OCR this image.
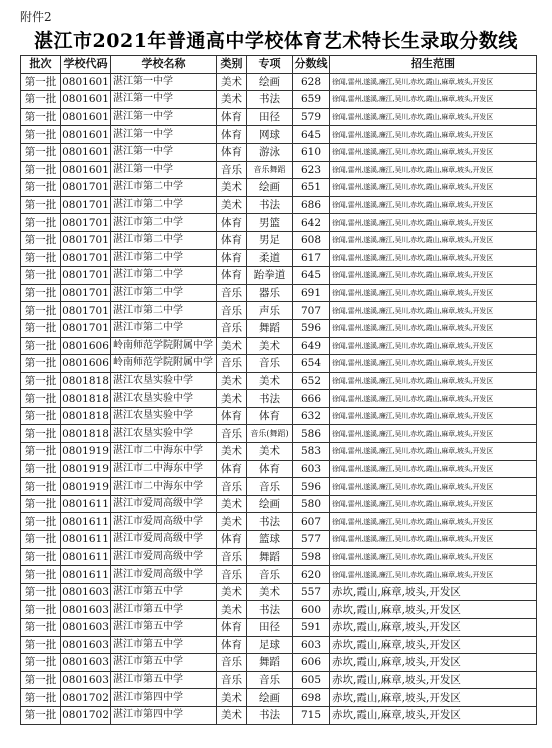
附件2
湛江市2021年普通高中学校体育艺术特长生录取分数线
批次	学校代码	学校名称	类别	专项	分数线	招生范围
第一批	0801601	湛江第一中学	美术	绘画	628	徐闻,雷州,遂溪,廉江,吴川,赤坎,霞山,麻章,坡头,开发区
第一批	0801601	湛江第一中学	美术	书法	659	徐闻,雷州,遂溪,廉江,吴川,赤坎,霞山,麻章,坡头,开发区
第一批	0801601	湛江第一中学	体育	田径	579	徐闻,雷州,遂溪,廉江,吴川,赤坎,霞山,麻章,坡头,开发区
第一批	0801601	湛江第一中学	体育	网球	645	徐闻,雷州,遂溪,廉江,吴川,赤坎,霞山,麻章,坡头,开发区
第一批	0801601	湛江第一中学	体育	游泳	610	徐闻,雷州,遂溪,廉江,吴川,赤坎,霞山,麻章,坡头,开发区
第一批	0801601	湛江第一中学	音乐	音乐舞蹈	623	徐闻,雷州,遂溪,廉江,吴川,赤坎,霞山,麻章,坡头,开发区
第一批	0801701	湛江市第二中学	美术	绘画	651	徐闻,雷州,遂溪,廉江,吴川,赤坎,霞山,麻章,坡头,开发区
第一批	0801701	湛江市第二中学	美术	书法	686	徐闻,雷州,遂溪,廉江,吴川,赤坎,霞山,麻章,坡头,开发区
第一批	0801701	湛江市第二中学	体育	男篮	642	徐闻,雷州,遂溪,廉江,吴川,赤坎,霞山,麻章,坡头,开发区
第一批	0801701	湛江市第二中学	体育	男足	608	徐闻,雷州,遂溪,廉江,吴川,赤坎,霞山,麻章,坡头,开发区
第一批	0801701	湛江市第二中学	体育	柔道	617	徐闻,雷州,遂溪,廉江,吴川,赤坎,霞山,麻章,坡头,开发区
第一批	0801701	湛江市第二中学	体育	跆拳道	645	徐闻,雷州,遂溪,廉江,吴川,赤坎,霞山,麻章,坡头,开发区
第一批	0801701	湛江市第二中学	音乐	器乐	691	徐闻,雷州,遂溪,廉江,吴川,赤坎,霞山,麻章,坡头,开发区
第一批	0801701	湛江市第二中学	音乐	声乐	707	徐闻,雷州,遂溪,廉江,吴川,赤坎,霞山,麻章,坡头,开发区
第一批	0801701	湛江市第二中学	音乐	舞蹈	596	徐闻,雷州,遂溪,廉江,吴川,赤坎,霞山,麻章,坡头,开发区
第一批	0801606	岭南师范学院附属中学	美术	美术	649	徐闻,雷州,遂溪,廉江,吴川,赤坎,霞山,麻章,坡头,开发区
第一批	0801606	岭南师范学院附属中学	音乐	音乐	654	徐闻,雷州,遂溪,廉江,吴川,赤坎,霞山,麻章,坡头,开发区
第一批	0801818	湛江农垦实验中学	美术	美术	652	徐闻,雷州,遂溪,廉江,吴川,赤坎,霞山,麻章,坡头,开发区
第一批	0801818	湛江农垦实验中学	美术	书法	666	徐闻,雷州,遂溪,廉江,吴川,赤坎,霞山,麻章,坡头,开发区
第一批	0801818	湛江农垦实验中学	体育	体育	632	徐闻,雷州,遂溪,廉江,吴川,赤坎,霞山,麻章,坡头,开发区
第一批	0801818	湛江农垦实验中学	音乐	音乐(舞蹈)	586	徐闻,雷州,遂溪,廉江,吴川,赤坎,霞山,麻章,坡头,开发区
第一批	0801919	湛江市二中海东中学	美术	美术	583	徐闻,雷州,遂溪,廉江,吴川,赤坎,霞山,麻章,坡头,开发区
第一批	0801919	湛江市二中海东中学	体育	体育	603	徐闻,雷州,遂溪,廉江,吴川,赤坎,霞山,麻章,坡头,开发区
第一批	0801919	湛江市二中海东中学	音乐	音乐	596	徐闻,雷州,遂溪,廉江,吴川,赤坎,霞山,麻章,坡头,开发区
第一批	0801611	湛江市爱周高级中学	美术	绘画	580	徐闻,雷州,遂溪,廉江,吴川,赤坎,霞山,麻章,坡头,开发区
第一批	0801611	湛江市爱周高级中学	美术	书法	607	徐闻,雷州,遂溪,廉江,吴川,赤坎,霞山,麻章,坡头,开发区
第一批	0801611	湛江市爱周高级中学	体育	篮球	577	徐闻,雷州,遂溪,廉江,吴川,赤坎,霞山,麻章,坡头,开发区
第一批	0801611	湛江市爱周高级中学	音乐	舞蹈	598	徐闻,雷州,遂溪,廉江,吴川,赤坎,霞山,麻章,坡头,开发区
第一批	0801611	湛江市爱周高级中学	音乐	音乐	620	徐闻,雷州,遂溪,廉江,吴川,赤坎,霞山,麻章,坡头,开发区
第一批	0801603	湛江市第五中学	美术	美术	557	赤坎,霞山,麻章,坡头,开发区
第一批	0801603	湛江市第五中学	美术	书法	600	赤坎,霞山,麻章,坡头,开发区
第一批	0801603	湛江市第五中学	体育	田径	591	赤坎,霞山,麻章,坡头,开发区
第一批	0801603	湛江市第五中学	体育	足球	603	赤坎,霞山,麻章,坡头,开发区
第一批	0801603	湛江市第五中学	音乐	舞蹈	606	赤坎,霞山,麻章,坡头,开发区
第一批	0801603	湛江市第五中学	音乐	音乐	605	赤坎,霞山,麻章,坡头,开发区
第一批	0801702	湛江市第四中学	美术	绘画	698	赤坎,霞山,麻章,坡头,开发区
第一批	0801702	湛江市第四中学	美术	书法	715	赤坎,霞山,麻章,坡头,开发区
